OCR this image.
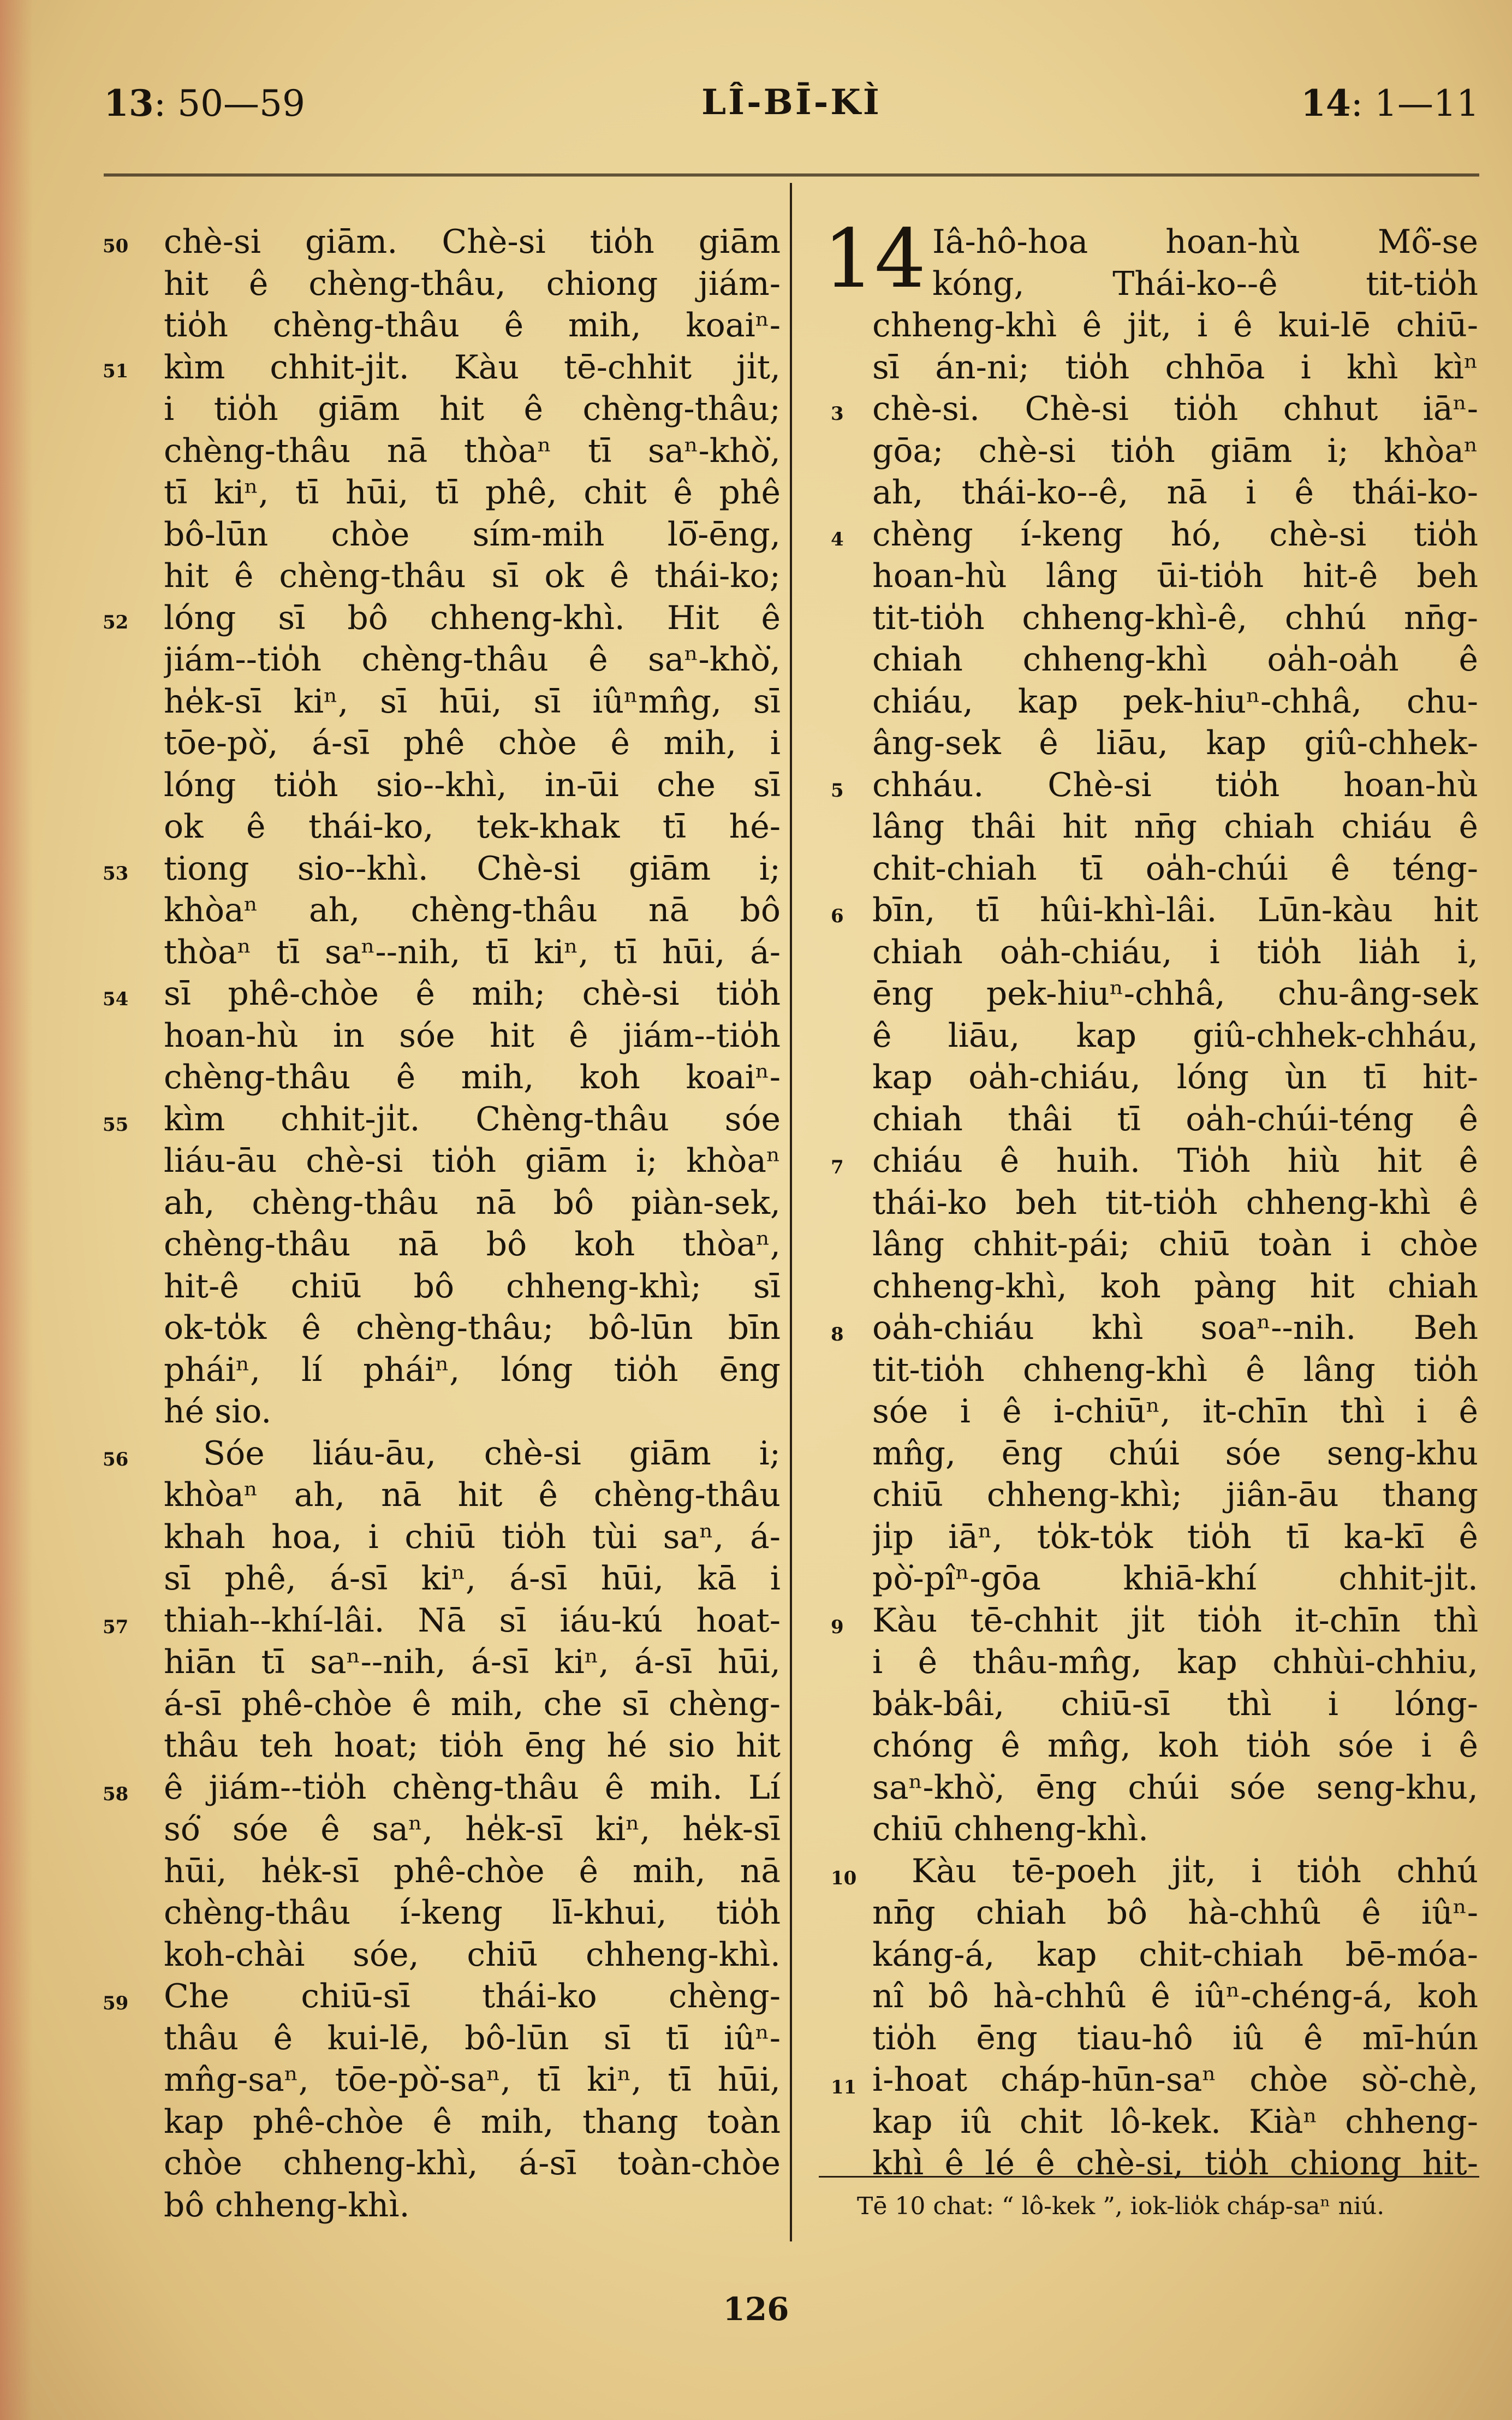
13: 50—59	LÎ-BĪ-KÌ	14: 1—11
50
51
52
53
54
55
56
57
58
59
chè-si giām. Chè-si tio̍h giām
hit ê chèng-thâu, chiong jiám-
tio̍h chèng-thâu ê mih, koaiⁿ-
kìm chhit-ji̍t. Kàu tē-chhit ji̍t,
i tio̍h giām hit ê chèng-thâu;
chèng-thâu nā thòaⁿ tī saⁿ-khò͘,
tī kiⁿ, tī hūi, tī phê, chit ê phê
bô-lūn chòe sím-mih lō͘-ēng,
hit ê chèng-thâu sī ok ê thái-ko;
lóng sī bô chheng-khì. Hit ê
jiám--tio̍h chèng-thâu ê saⁿ-khò͘,
he̍k-sī kiⁿ, sī hūi, sī iûⁿmn̂g, sī
tōe-pò͘, á-sī phê chòe ê mih, i
lóng tio̍h sio--khì, in-ūi che sī
ok ê thái-ko, tek-khak tī hé-
tiong sio--khì. Chè-si giām i;
khòaⁿ ah, chèng-thâu nā bô
thòaⁿ tī saⁿ--nih, tī kiⁿ, tī hūi, á-
sī phê-chòe ê mih; chè-si tio̍h
hoan-hù in sóe hit ê jiám--tio̍h
chèng-thâu ê mih, koh koaiⁿ-
kìm chhit-ji̍t. Chèng-thâu sóe
liáu-āu chè-si tio̍h giām i; khòaⁿ
ah, chèng-thâu nā bô piàn-sek,
chèng-thâu nā bô koh thòaⁿ,
hit-ê chiū bô chheng-khì; sī
ok-to̍k ê chèng-thâu; bô-lūn bīn
pháiⁿ, lí pháiⁿ, lóng tio̍h ēng
hé sio.
Sóe liáu-āu, chè-si giām i;
khòaⁿ ah, nā hit ê chèng-thâu
khah hoa, i chiū tio̍h tùi saⁿ, á-
sī phê, á-sī kiⁿ, á-sī hūi, kā i
thiah--khí-lâi. Nā sī iáu-kú hoat-
hiān tī saⁿ--nih, á-sī kiⁿ, á-sī hūi,
á-sī phê-chòe ê mih, che sī chèng-
thâu teh hoat; tio̍h ēng hé sio hit
ê jiám--tio̍h chèng-thâu ê mih. Lí
só͘ sóe ê saⁿ, he̍k-sī kiⁿ, he̍k-sī
hūi, he̍k-sī phê-chòe ê mih, nā
chèng-thâu í-keng lī-khui, tio̍h
koh-chài sóe, chiū chheng-khì.
Che chiū-sī thái-ko chèng-
thâu ê kui-lē, bô-lūn sī tī iûⁿ-
mn̂g-saⁿ, tōe-pò͘-saⁿ, tī kiⁿ, tī hūi,
kap phê-chòe ê mih, thang toàn
chòe chheng-khì, á-sī toàn-chòe
bô chheng-khì.
14
3
4
5
6
7
8
9
10
11
Iâ-hô-hoa hoan-hù Mô͘-se
kóng, Thái-ko--ê tit-tio̍h
chheng-khì ê ji̍t, i ê kui-lē chiū-
sī án-ni; tio̍h chhōa i khì kìⁿ
chè-si. Chè-si tio̍h chhut iāⁿ-
gōa; chè-si tio̍h giām i; khòaⁿ
ah, thái-ko--ê, nā i ê thái-ko-
chèng í-keng hó, chè-si tio̍h
hoan-hù lâng ūi-tio̍h hit-ê beh
tit-tio̍h chheng-khì-ê, chhú nn̄g-
chiah chheng-khì oa̍h-oa̍h ê
chiáu, kap pek-hiuⁿ-chhâ, chu-
âng-sek ê liāu, kap giû-chhek-
chháu. Chè-si tio̍h hoan-hù
lâng thâi hit nn̄g chiah chiáu ê
chit-chiah tī oa̍h-chúi ê téng-
bīn, tī hûi-khì-lâi. Lūn-kàu hit
chiah oa̍h-chiáu, i tio̍h lia̍h i,
ēng pek-hiuⁿ-chhâ, chu-âng-sek
ê liāu, kap giû-chhek-chháu,
kap oa̍h-chiáu, lóng ùn tī hit-
chiah thâi tī oa̍h-chúi-téng ê
chiáu ê huih. Tio̍h hiù hit ê
thái-ko beh tit-tio̍h chheng-khì ê
lâng chhit-pái; chiū toàn i chòe
chheng-khì, koh pàng hit chiah
oa̍h-chiáu khì soaⁿ--nih. Beh
tit-tio̍h chheng-khì ê lâng tio̍h
sóe i ê i-chiūⁿ, it-chīn thì i ê
mn̂g, ēng chúi sóe seng-khu
chiū chheng-khì; jiân-āu thang
ji̍p iāⁿ, to̍k-to̍k tio̍h tī ka-kī ê
pò͘-pîⁿ-gōa khiā-khí chhit-ji̍t.
Kàu tē-chhit ji̍t tio̍h it-chīn thì
i ê thâu-mn̂g, kap chhùi-chhiu,
ba̍k-bâi, chiū-sī thì i lóng-
chóng ê mn̂g, koh tio̍h sóe i ê
saⁿ-khò͘, ēng chúi sóe seng-khu,
chiū chheng-khì.
Kàu tē-poeh ji̍t, i tio̍h chhú
nn̄g chiah bô hà-chhû ê iûⁿ-
káng-á, kap chit-chiah bē-móa-
nî bô hà-chhû ê iûⁿ-chéng-á, koh
tio̍h ēng tiau-hô iû ê mī-hún
i-hoat cháp-hūn-saⁿ chòe sò͘-chè,
kap iû chit lô-kek. Kiàⁿ chheng-
khì ê lé ê chè-si, tio̍h chiong hit-
Tē 10 chat: “ lô-kek ”, iok-lio̍k cháp-saⁿ niú.
126
